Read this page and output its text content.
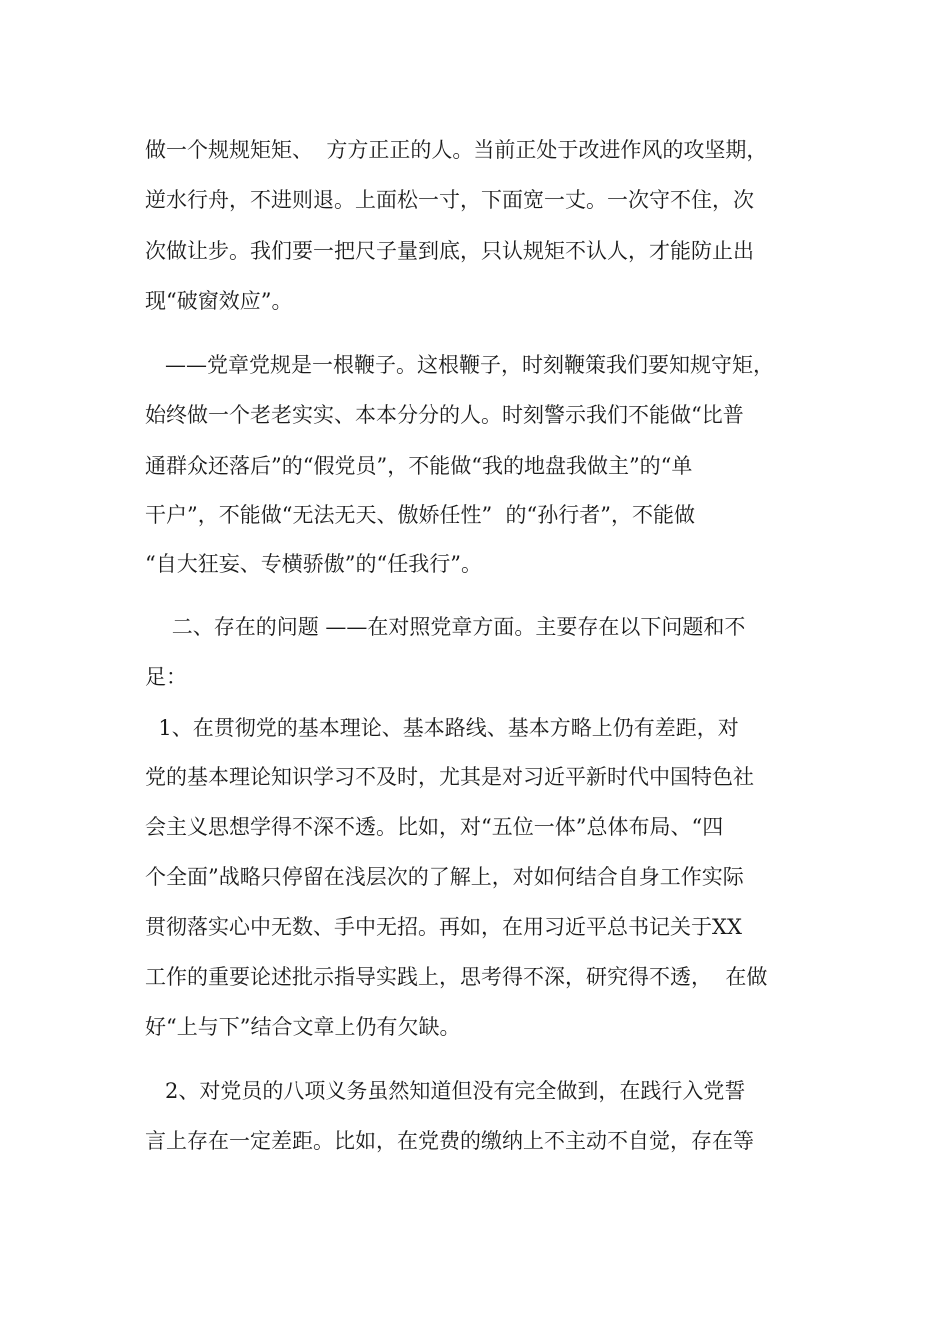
做一个规规矩矩、  方方正正的人。当前正处于改进作风的攻坚期，
逆水行舟，不进则退。上面松一寸，下面宽一丈。一次守不住，次
次做让步。我们要一把尺子量到底，只认规矩不认人，才能防止出
现“破窗效应”。
——党章党规是一根鞭子。这根鞭子，时刻鞭策我们要知规守矩，
始终做一个老老实实、本本分分的人。时刻警示我们不能做“比普
通群众还落后”的“假党员”，不能做“我的地盘我做主”的“单
干户”，不能做“无法无天、傲娇任性”  的“孙行者”，不能做
“自大狂妄、专横骄傲”的“任我行”。
二、存在的问题 ——在对照党章方面。主要存在以下问题和不
足：
1、在贯彻党的基本理论、基本路线、基本方略上仍有差距，对
党的基本理论知识学习不及时，尤其是对习近平新时代中国特色社
会主义思想学得不深不透。比如，对“五位一体”总体布局、“四
个全面”战略只停留在浅层次的了解上，对如何结合自身工作实际
贯彻落实心中无数、手中无招。再如，在用习近平总书记关于XX
工作的重要论述批示指导实践上，思考得不深，研究得不透，  在做
好“上与下”结合文章上仍有欠缺。
2、对党员的八项义务虽然知道但没有完全做到，在践行入党誓
言上存在一定差距。比如，在党费的缴纳上不主动不自觉，存在等
